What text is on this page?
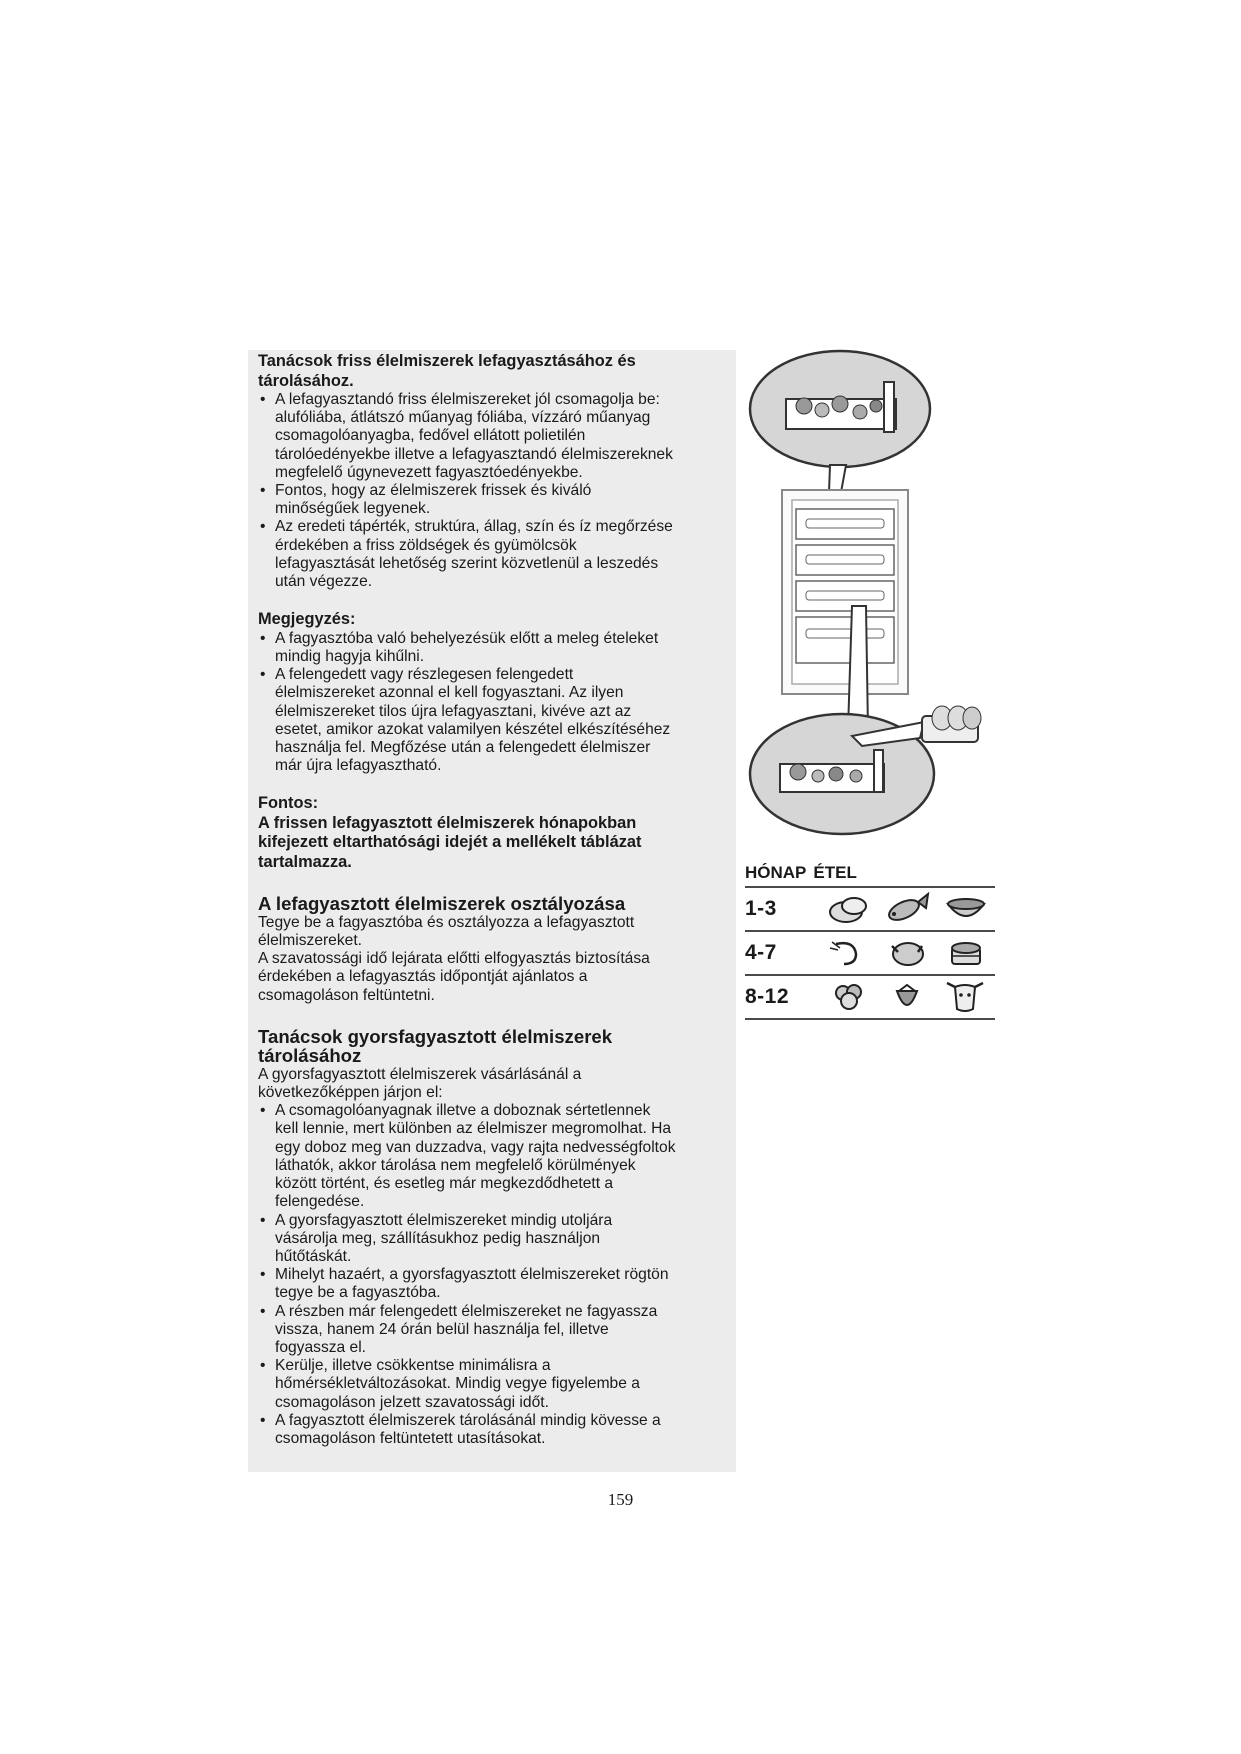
Tanácsok friss élelmiszerek lefagyasztásához és
tárolásához.

• A lefagyasztandó friss élelmiszereket jól csomagolja be:
alufóliába, átlátszó műanyag fóliába, vízzáró műanyag
csomagolóanyagba, fedővel ellátott polietilén
tárolóedényekbe illetve a lefagyasztandó élelmiszereknek
megfelelő úgynevezett fagyasztóedényekbe.
• Fontos, hogy az élelmiszerek frissek és kiváló
minőségűek legyenek.
• Az eredeti tápérték, struktúra, állag, szín és íz megőrzése
érdekében a friss zöldségek és gyümölcsök
lefagyasztását lehetőség szerint közvetlenül a leszedés
után végezze.

Megjegyzés:

• A fagyasztóba való behelyezésük előtt a meleg ételeket
mindig hagyja kihűlni.
• A felengedett vagy részlegesen felengedett
élelmiszereket azonnal el kell fogyasztani. Az ilyen
élelmiszereket tilos újra lefagyasztani, kivéve azt az
esetet, amikor azokat valamilyen készétel elkészítéséhez
használja fel. Megfőzése után a felengedett élelmiszer
már újra lefagyasztható.

Fontos:

A frissen lefagyasztott élelmiszerek hónapokban
kifejezett eltarthatósági idejét a mellékelt táblázat
tartalmazza.

A lefagyasztott élelmiszerek osztályozása

Tegye be a fagyasztóba és osztályozza a lefagyasztott
élelmiszereket.
A szavatossági idő lejárata előtti elfogyasztás biztosítása
érdekében a lefagyasztás időpontját ajánlatos a
csomagoláson feltüntetni.

Tanácsok gyorsfagyasztott élelmiszerek
tárolásához

A gyorsfagyasztott élelmiszerek vásárlásánál a
következőképpen járjon el:

• A csomagolóanyagnak illetve a doboznak sértetlennek
kell lennie, mert különben az élelmiszer megromolhat. Ha
egy doboz meg van duzzadva, vagy rajta nedvességfoltok
láthatók, akkor tárolása nem megfelelő körülmények
között történt, és esetleg már megkezdődhetett a
felengedése.
• A gyorsfagyasztott élelmiszereket mindig utoljára
vásárolja meg, szállításukhoz pedig használjon
hűtőtáskát.
• Mihelyt hazaért, a gyorsfagyasztott élelmiszereket rögtön
tegye be a fagyasztóba.
• A részben már felengedett élelmiszereket ne fagyassza
vissza, hanem 24 órán belül használja fel, illetve
fogyassza el.
• Kerülje, illetve csökkentse minimálisra a
hőmérsékletváltozásokat. Mindig vegye figyelembe a
csomagoláson jelzett szavatossági időt.
• A fagyasztott élelmiszerek tárolásánál mindig kövesse a
csomagoláson feltüntetett utasításokat.
HÓNAP ÉTEL
1-3
4-7
8-12
159
